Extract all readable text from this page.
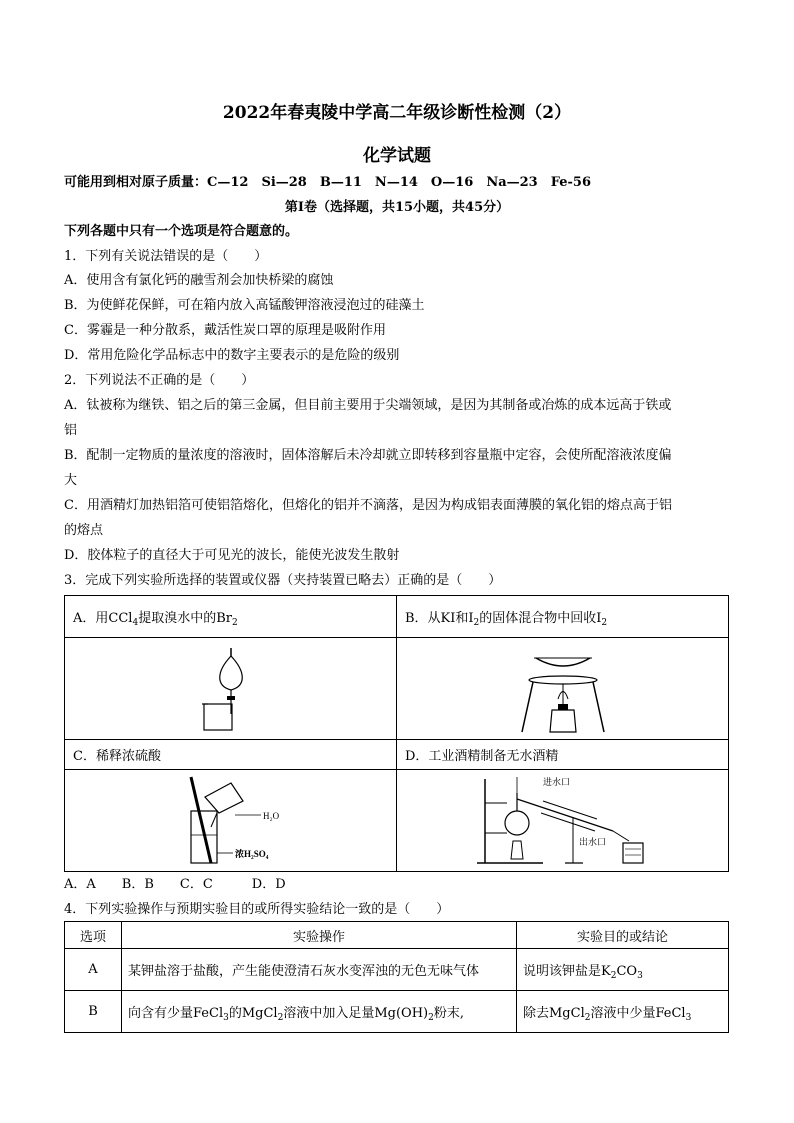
2022年春夷陵中学高二年级诊断性检测（2）
化学试题
可能用到相对原子质量：C—12　Si—28　B—11　N—14　O—16　Na—23　Fe-56
第Ⅰ卷（选择题，共15小题，共45分）
下列各题中只有一个选项是符合题意的。
1．下列有关说法错误的是（　　）
A．使用含有氯化钙的融雪剂会加快桥梁的腐蚀
B．为使鲜花保鲜，可在箱内放入高锰酸钾溶液浸泡过的硅藻土
C．雾霾是一种分散系，戴活性炭口罩的原理是吸附作用
D．常用危险化学品标志中的数字主要表示的是危险的级别
2．下列说法不正确的是（　　）
A．钛被称为继铁、铝之后的第三金属，但目前主要用于尖端领域，是因为其制备或冶炼的成本远高于铁或
铝
B．配制一定物质的量浓度的溶液时，固体溶解后未冷却就立即转移到容量瓶中定容，会使所配溶液浓度偏
大
C．用酒精灯加热铝箔可使铝箔熔化，但熔化的铝并不滴落，是因为构成铝表面薄膜的氧化铝的熔点高于铝
的熔点
D．胶体粒子的直径大于可见光的波长，能使光波发生散射
3．完成下列实验所选择的装置或仪器（夹持装置已略去）正确的是（　　）
A．用CCl$_4$提取溴水中的$Br_2$	B．从KI和$I_2$的固体混合物中回收$I_2$

C．稀释浓硫酸	D．工业酒精制备无水酒精

H₂O
浓H₂SO₄	进水口
出水口
A．A　　B．B　　C．C　　　D．D
4．下列实验操作与预期实验目的或所得实验结论一致的是（　　）
选项	实验操作	实验目的或结论
A	某钾盐溶于盐酸，产生能使澄清石灰水变浑浊的无色无味气体	说明该钾盐是$K_2CO_3$
B	向含有少量FeCl$_3$的MgCl$_2$溶液中加入足量$Mg(OH)_2$粉末,	除去MgCl$_2$溶液中少量FeCl$_3$
